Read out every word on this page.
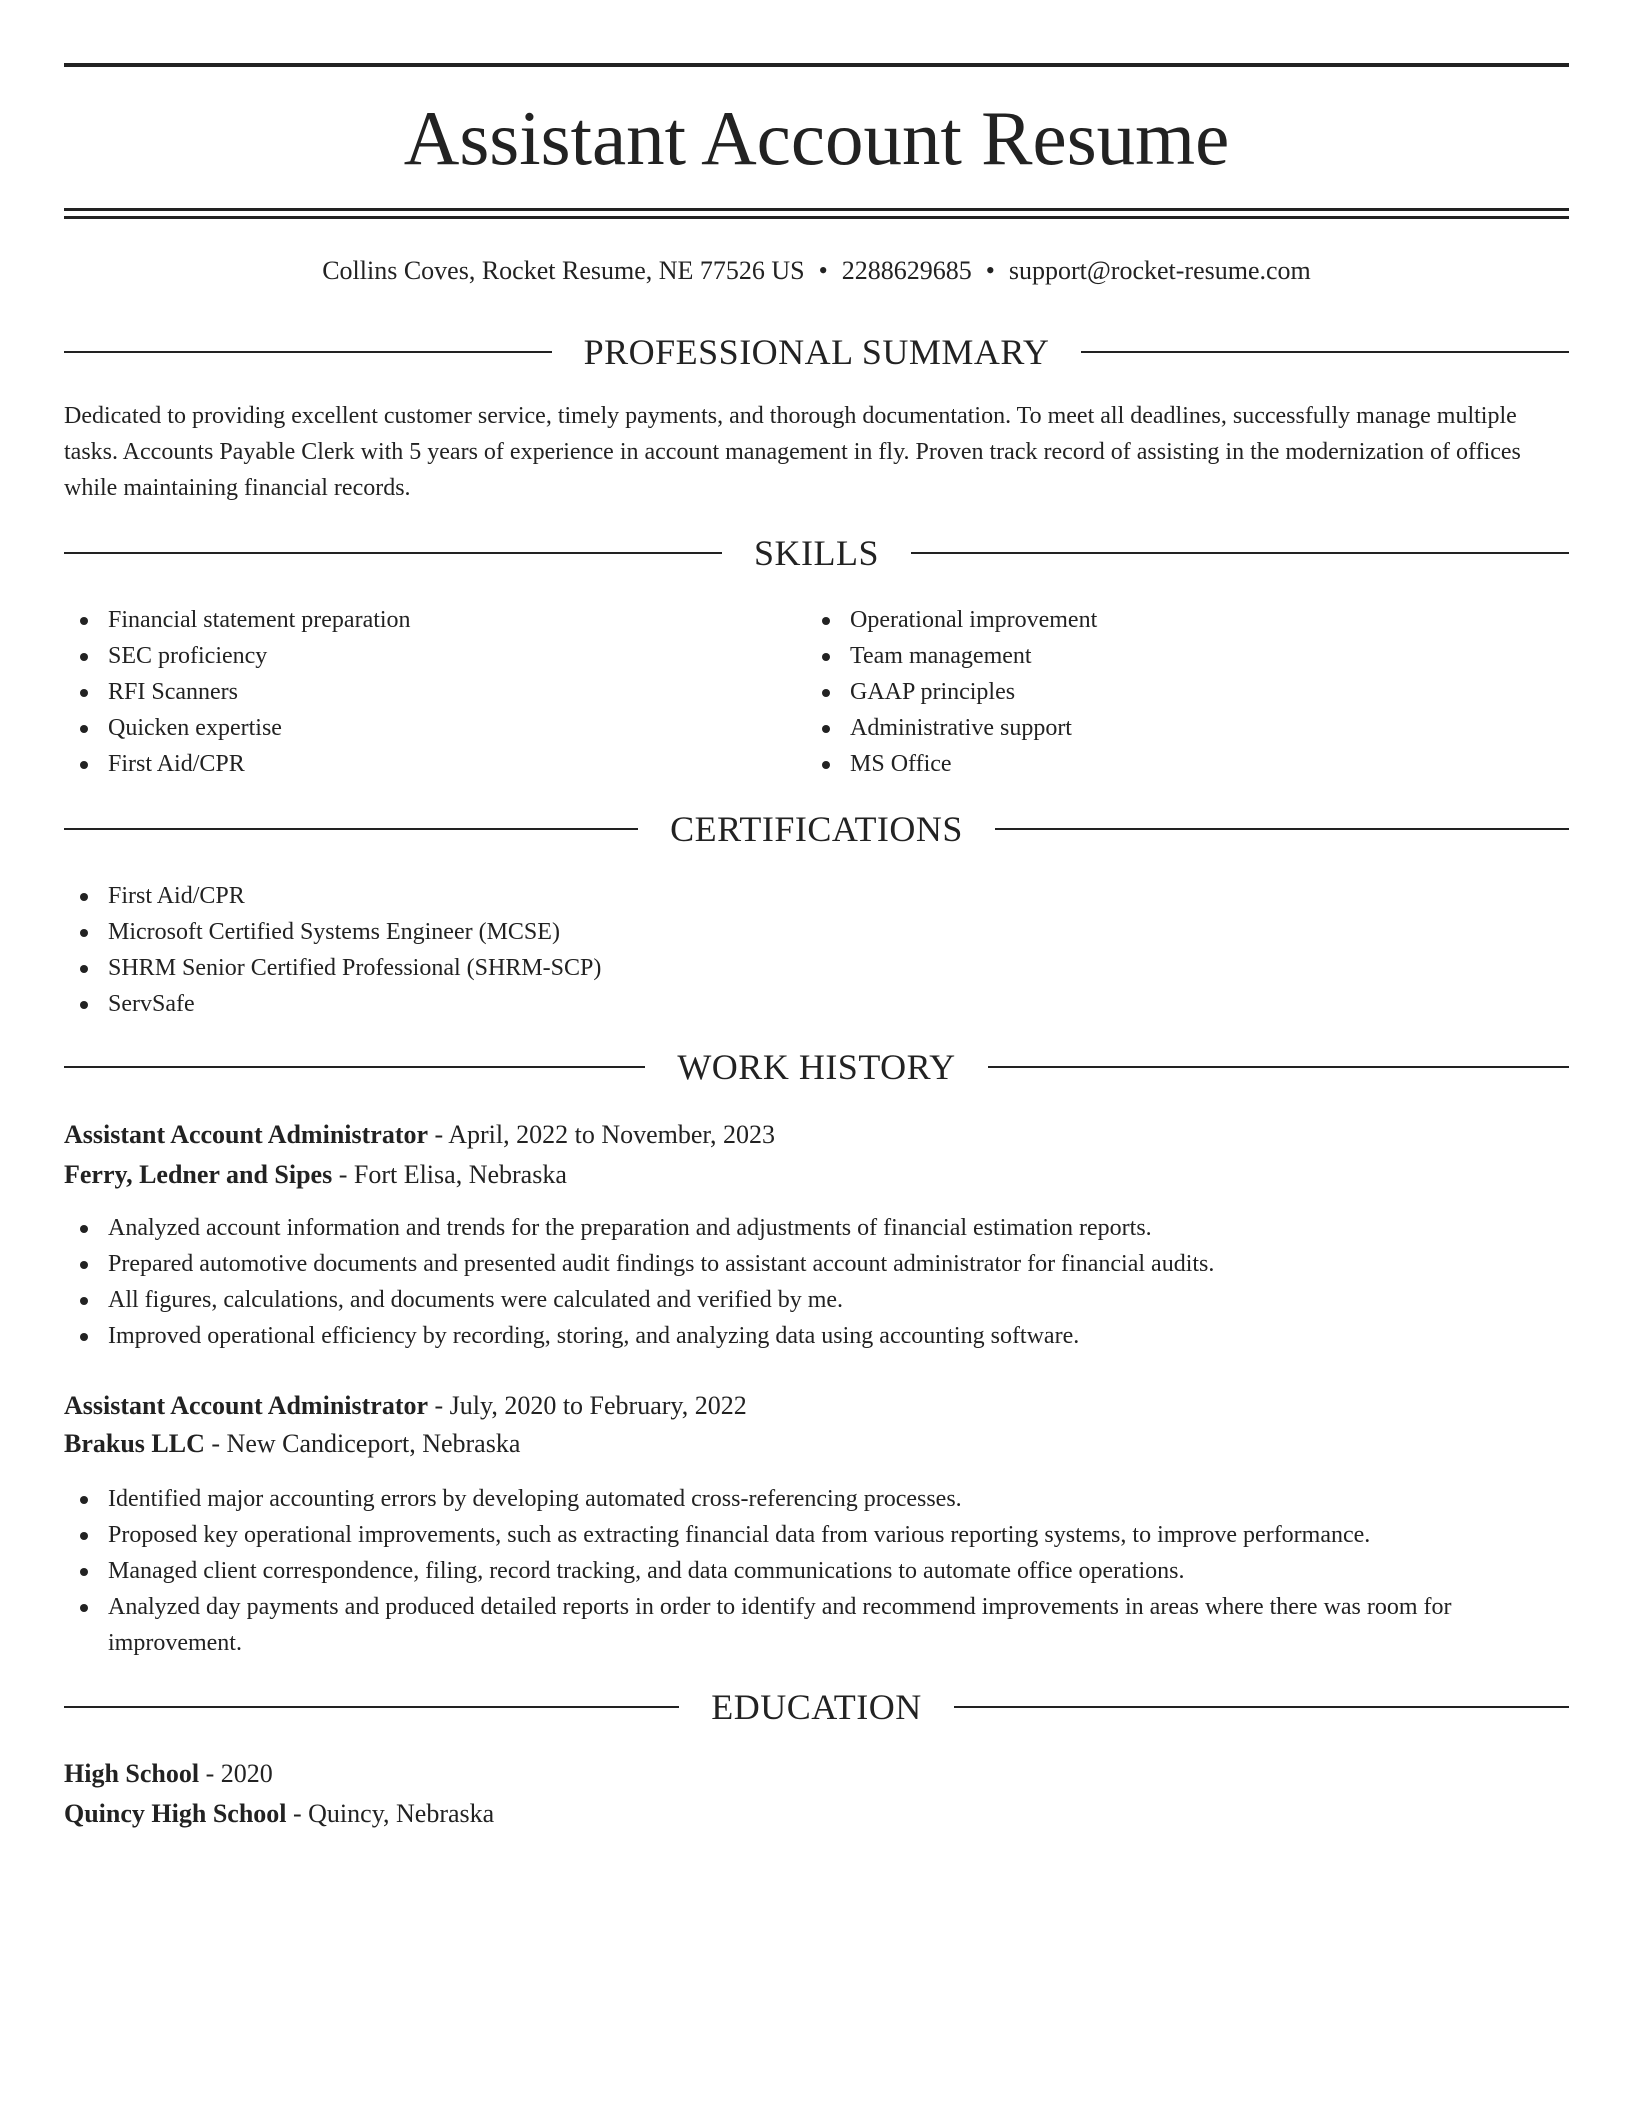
Assistant Account Resume
Collins Coves, Rocket Resume, NE 77526 US • 2288629685 • support@rocket-resume.com
PROFESSIONAL SUMMARY

Dedicated to providing excellent customer service, timely payments, and thorough documentation. To meet all deadlines, successfully manage multiple tasks. Accounts Payable Clerk with 5 years of experience in account management in fly. Proven track record of assisting in the modernization of offices while maintaining financial records.

SKILLS
Financial statement preparation
SEC proficiency
RFI Scanners
Quicken expertise
First Aid/CPR
Operational improvement
Team management
GAAP principles
Administrative support
MS Office
CERTIFICATIONS
First Aid/CPR
Microsoft Certified Systems Engineer (MCSE)
SHRM Senior Certified Professional (SHRM-SCP)
ServSafe
WORK HISTORY
Assistant Account Administrator - April, 2022 to November, 2023
Ferry, Ledner and Sipes - Fort Elisa, Nebraska
Analyzed account information and trends for the preparation and adjustments of financial estimation reports.
Prepared automotive documents and presented audit findings to assistant account administrator for financial audits.
All figures, calculations, and documents were calculated and verified by me.
Improved operational efficiency by recording, storing, and analyzing data using accounting software.
Assistant Account Administrator - July, 2020 to February, 2022
Brakus LLC - New Candiceport, Nebraska
Identified major accounting errors by developing automated cross-referencing processes.
Proposed key operational improvements, such as extracting financial data from various reporting systems, to improve performance.
Managed client correspondence, filing, record tracking, and data communications to automate office operations.
Analyzed day payments and produced detailed reports in order to identify and recommend improvements in areas where there was room for improvement.
EDUCATION
High School - 2020
Quincy High School - Quincy, Nebraska
